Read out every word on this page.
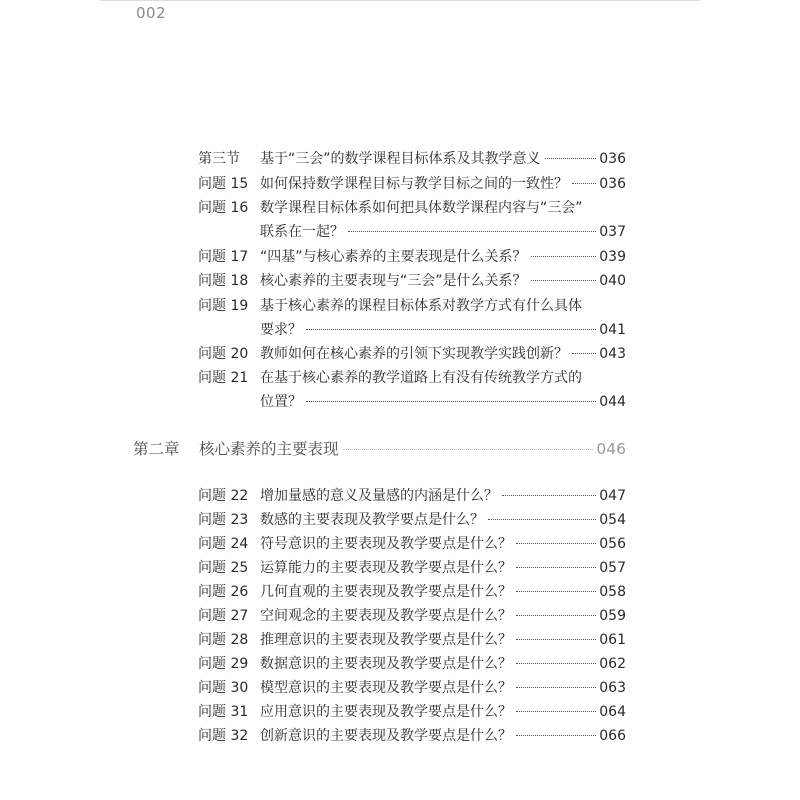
002
第三节	基于“三会”的数学课程目标体系及其教学意义	036
问题 15 如何保持数学课程目标与教学目标之间的一致性？ 036
问题 16 数学课程目标体系如何把具体数学课程内容与“三会”
联系在一起？	037
问题 17 “四基”与核心素养的主要表现是什么关系？	039
问题 18 核心素养的主要表现与“三会”是什么关系？	040
问题 19 基于核心素养的课程目标体系对教学方式有什么具体
要求？	041
问题 20 教师如何在核心素养的引领下实现教学实践创新？ 043
问题 21 在基于核心素养的教学道路上有没有传统教学方式的
位置？	044
第二章	核心素养的主要表现	046
问题 22 增加量感的意义及量感的内涵是什么？	047
问题 23 数感的主要表现及教学要点是什么？	054
问题 24 符号意识的主要表现及教学要点是什么？	056
问题 25 运算能力的主要表现及教学要点是什么？	057
问题 26 几何直观的主要表现及教学要点是什么？	058
问题 27 空间观念的主要表现及教学要点是什么？	059
问题 28 推理意识的主要表现及教学要点是什么？	061
问题 29 数据意识的主要表现及教学要点是什么？	062
问题 30 模型意识的主要表现及教学要点是什么？	063
问题 31 应用意识的主要表现及教学要点是什么？	064
问题 32 创新意识的主要表现及教学要点是什么？	066
